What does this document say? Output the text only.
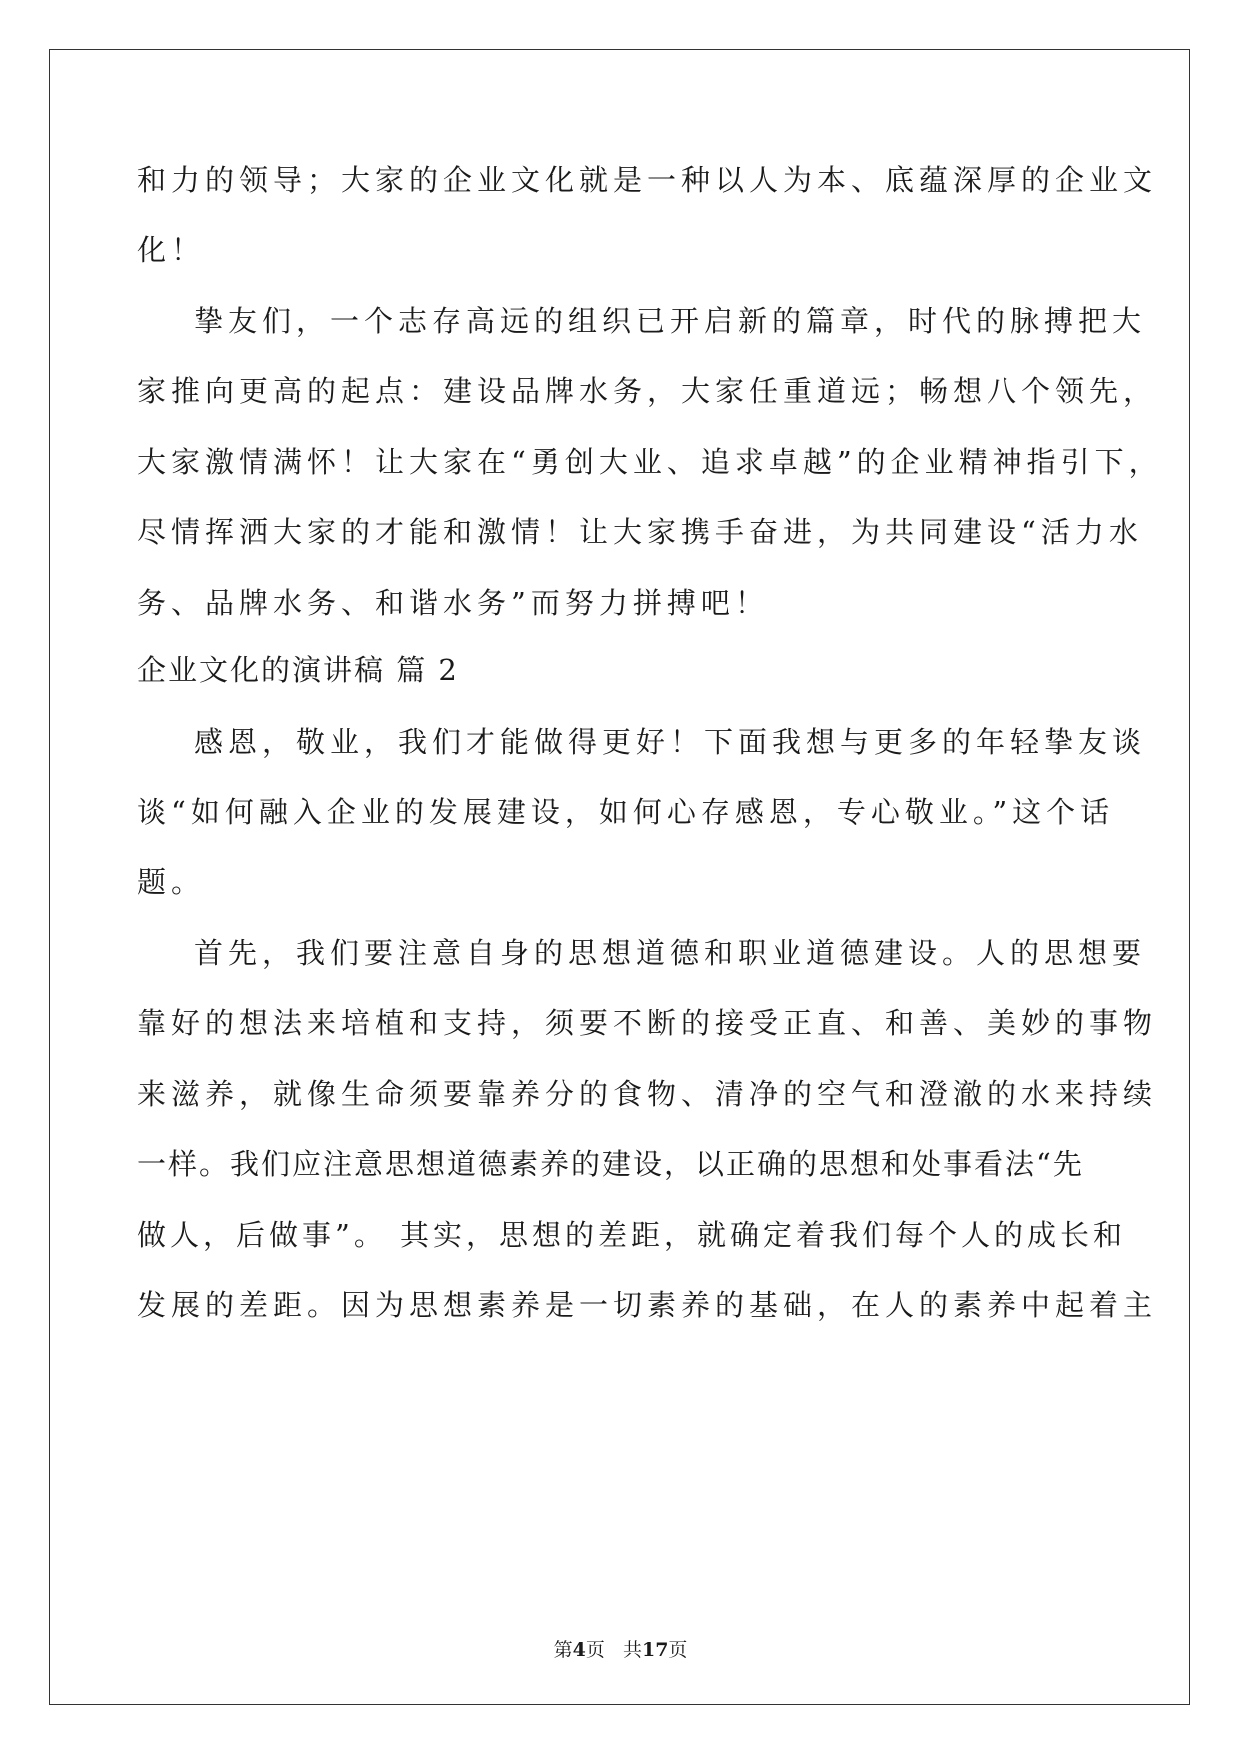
和力的领导；大家的企业文化就是一种以人为本、底蕴深厚的企业文
化！
挚友们，一个志存高远的组织已开启新的篇章，时代的脉搏把大
家推向更高的起点：建设品牌水务，大家任重道远；畅想八个领先，
大家激情满怀！让大家在“勇创大业、追求卓越”的企业精神指引下，
尽情挥洒大家的才能和激情！让大家携手奋进，为共同建设“活力水
务、品牌水务、和谐水务”而努力拼搏吧！
企业文化的演讲稿 篇 2
感恩，敬业，我们才能做得更好！下面我想与更多的年轻挚友谈
谈“如何融入企业的发展建设，如何心存感恩，专心敬业。”这个话
题。
首先，我们要注意自身的思想道德和职业道德建设。人的思想要
靠好的想法来培植和支持，须要不断的接受正直、和善、美妙的事物
来滋养，就像生命须要靠养分的食物、清净的空气和澄澈的水来持续
一样。我们应注意思想道德素养的建设，以正确的思想和处事看法“先
做人，后做事”。 其实，思想的差距，就确定着我们每个人的成长和
发展的差距。因为思想素养是一切素养的基础，在人的素养中起着主
第4页 共17页
